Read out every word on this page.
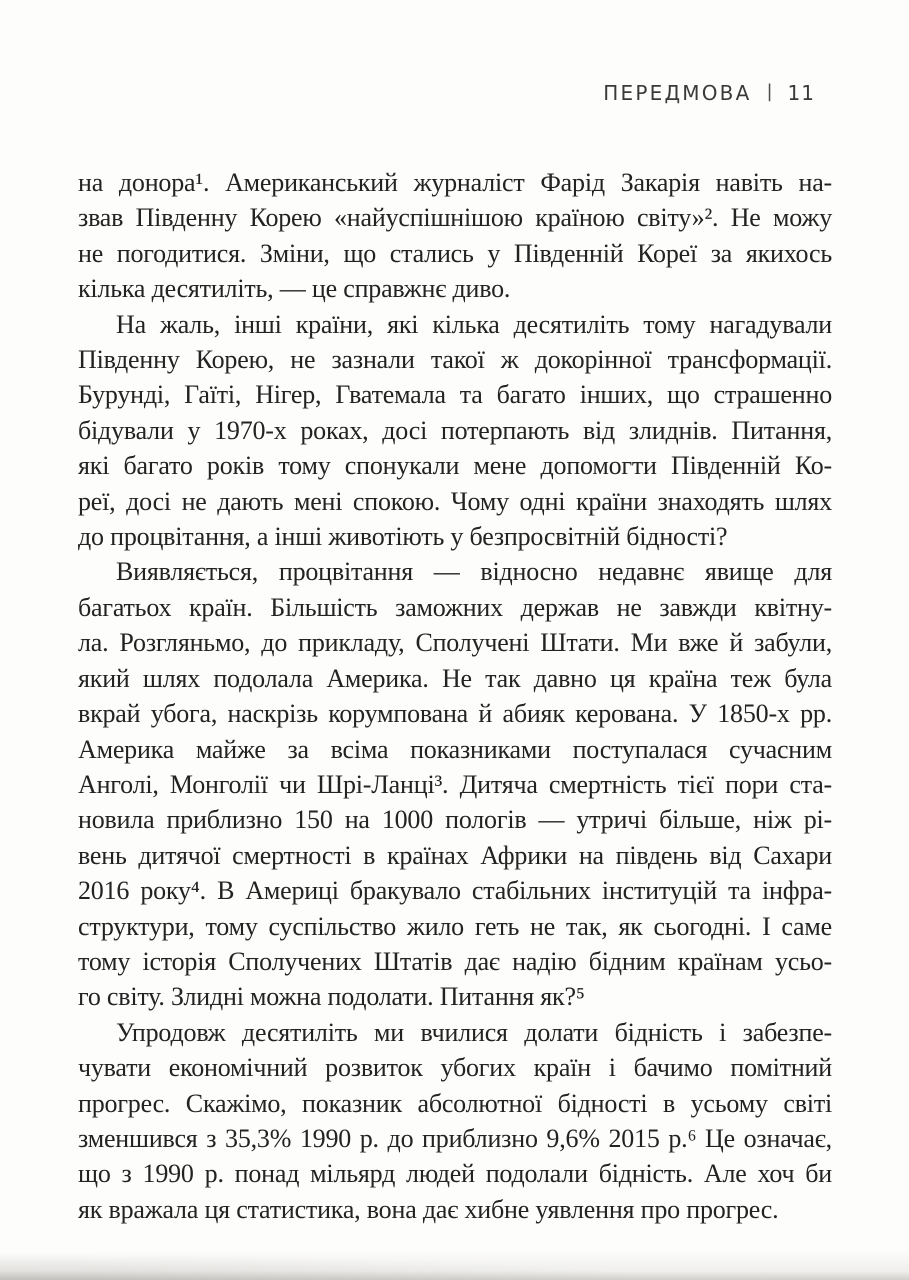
ПЕРЕДМОВА | 11
на донора¹. Американський журналіст Фарід Закарія навіть на-
звав Південну Корею «найуспішнішою країною світу»². Не можу
не погодитися. Зміни, що стались у Південній Кореї за якихось
кілька десятиліть, — це справжнє диво.
На жаль, інші країни, які кілька десятиліть тому нагадували
Південну Корею, не зазнали такої ж докорінної трансформації.
Бурунді, Гаїті, Нігер, Гватемала та багато інших, що страшенно
бідували у 1970-х роках, досі потерпають від злиднів. Питання,
які багато років тому спонукали мене допомогти Південній Ко-
реї, досі не дають мені спокою. Чому одні країни знаходять шлях
до процвітання, а інші животіють у безпросвітній бідності?
Виявляється, процвітання — відносно недавнє явище для
багатьох країн. Більшість заможних держав не завжди квітну-
ла. Розгляньмо, до прикладу, Сполучені Штати. Ми вже й забули,
який шлях подолала Америка. Не так давно ця країна теж була
вкрай убога, наскрізь корумпована й абияк керована. У 1850-х рр.
Америка майже за всіма показниками поступалася сучасним
Анголі, Монголії чи Шрі-Ланці³. Дитяча смертність тієї пори ста-
новила приблизно 150 на 1000 пологів — утричі більше, ніж рі-
вень дитячої смертності в країнах Африки на південь від Сахари
2016 року⁴. В Америці бракувало стабільних інституцій та інфра-
структури, тому суспільство жило геть не так, як сьогодні. І саме
тому історія Сполучених Штатів дає надію бідним країнам усьо-
го світу. Злидні можна подолати. Питання як?⁵
Упродовж десятиліть ми вчилися долати бідність і забезпе-
чувати економічний розвиток убогих країн і бачимо помітний
прогрес. Скажімо, показник абсолютної бідності в усьому світі
зменшився з 35,3% 1990 р. до приблизно 9,6% 2015 р.⁶ Це означає,
що з 1990 р. понад мільярд людей подолали бідність. Але хоч би
як вражала ця статистика, вона дає хибне уявлення про прогрес.
